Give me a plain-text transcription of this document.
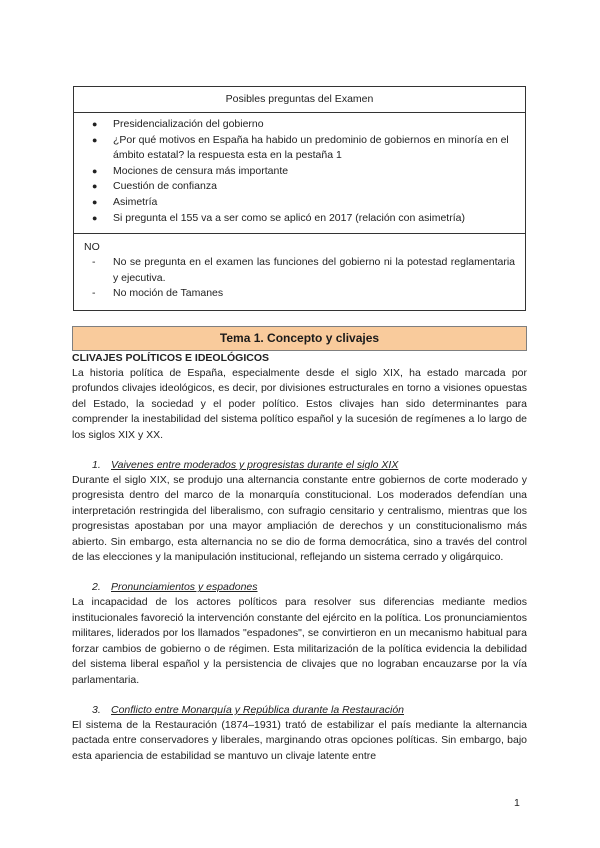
Posibles preguntas del Examen
● Presidencialización del gobierno
● ¿Por qué motivos en España ha habido un predominio de gobiernos en minoría en el ámbito estatal? la respuesta esta en la pestaña 1
● Mociones de censura más importante
● Cuestión de confianza
● Asimetría
● Si pregunta el 155 va a ser como se aplicó en 2017 (relación con asimetría)
NO
- No se pregunta en el examen las funciones del gobierno ni la potestad reglamentaria y ejecutiva.
- No moción de Tamanes
Tema 1. Concepto y clivajes

CLIVAJES POLÍTICOS E IDEOLÓGICOS

La historia política de España, especialmente desde el siglo XIX, ha estado marcada por profundos clivajes ideológicos, es decir, por divisiones estructurales en torno a visiones opuestas del Estado, la sociedad y el poder político. Estos clivajes han sido determinantes para comprender la inestabilidad del sistema político español y la sucesión de regímenes a lo largo de los siglos XIX y XX.

1. Vaivenes entre moderados y progresistas durante el siglo XIX

Durante el siglo XIX, se produjo una alternancia constante entre gobiernos de corte moderado y progresista dentro del marco de la monarquía constitucional. Los moderados defendían una interpretación restringida del liberalismo, con sufragio censitario y centralismo, mientras que los progresistas apostaban por una mayor ampliación de derechos y un constitucionalismo más abierto. Sin embargo, esta alternancia no se dio de forma democrática, sino a través del control de las elecciones y la manipulación institucional, reflejando un sistema cerrado y oligárquico.

2. Pronunciamientos y espadones

La incapacidad de los actores políticos para resolver sus diferencias mediante medios institucionales favoreció la intervención constante del ejército en la política. Los pronunciamientos militares, liderados por los llamados "espadones", se convirtieron en un mecanismo habitual para forzar cambios de gobierno o de régimen. Esta militarización de la política evidencia la debilidad del sistema liberal español y la persistencia de clivajes que no lograban encauzarse por la vía parlamentaria.

3. Conflicto entre Monarquía y República durante la Restauración

El sistema de la Restauración (1874–1931) trató de estabilizar el país mediante la alternancia pactada entre conservadores y liberales, marginando otras opciones políticas. Sin embargo, bajo esta apariencia de estabilidad se mantuvo un clivaje latente entre

1
